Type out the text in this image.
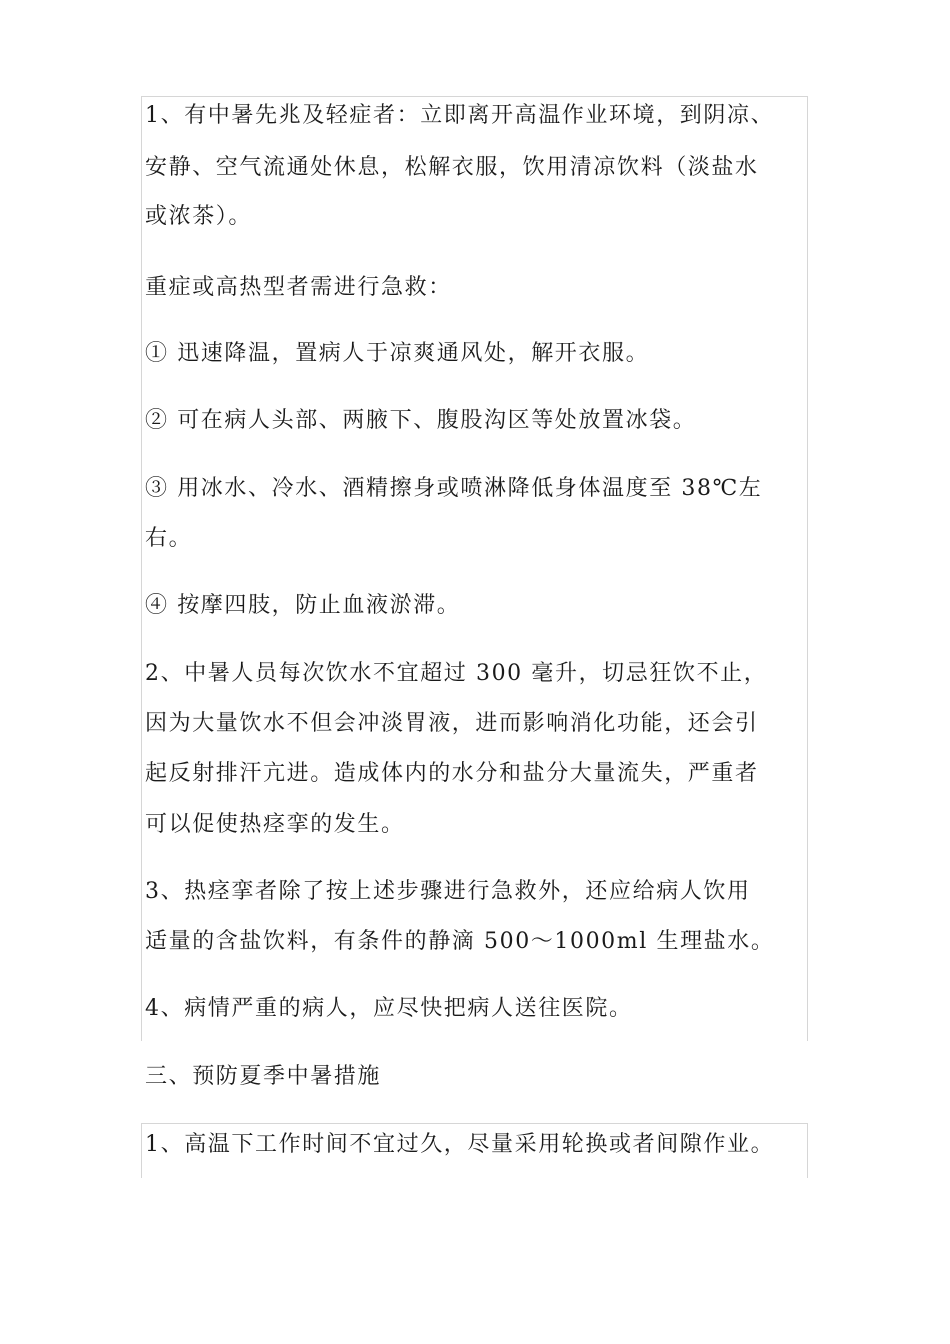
1、有中暑先兆及轻症者：立即离开高温作业环境，到阴凉、
安静、空气流通处休息，松解衣服，饮用清凉饮料（淡盐水
或浓茶）。
重症或高热型者需进行急救：
① 迅速降温，置病人于凉爽通风处，解开衣服。
② 可在病人头部、两腋下、腹股沟区等处放置冰袋。
③ 用冰水、冷水、酒精擦身或喷淋降低身体温度至 38℃左
右。
④ 按摩四肢，防止血液淤滞。
2、中暑人员每次饮水不宜超过 300 毫升，切忌狂饮不止，
因为大量饮水不但会冲淡胃液，进而影响消化功能，还会引
起反射排汗亢进。造成体内的水分和盐分大量流失，严重者
可以促使热痉挛的发生。
3、热痉挛者除了按上述步骤进行急救外，还应给病人饮用
适量的含盐饮料，有条件的静滴 500～1000ml 生理盐水。
4、病情严重的病人，应尽快把病人送往医院。
三、预防夏季中暑措施
1、高温下工作时间不宜过久，尽量采用轮换或者间隙作业。
